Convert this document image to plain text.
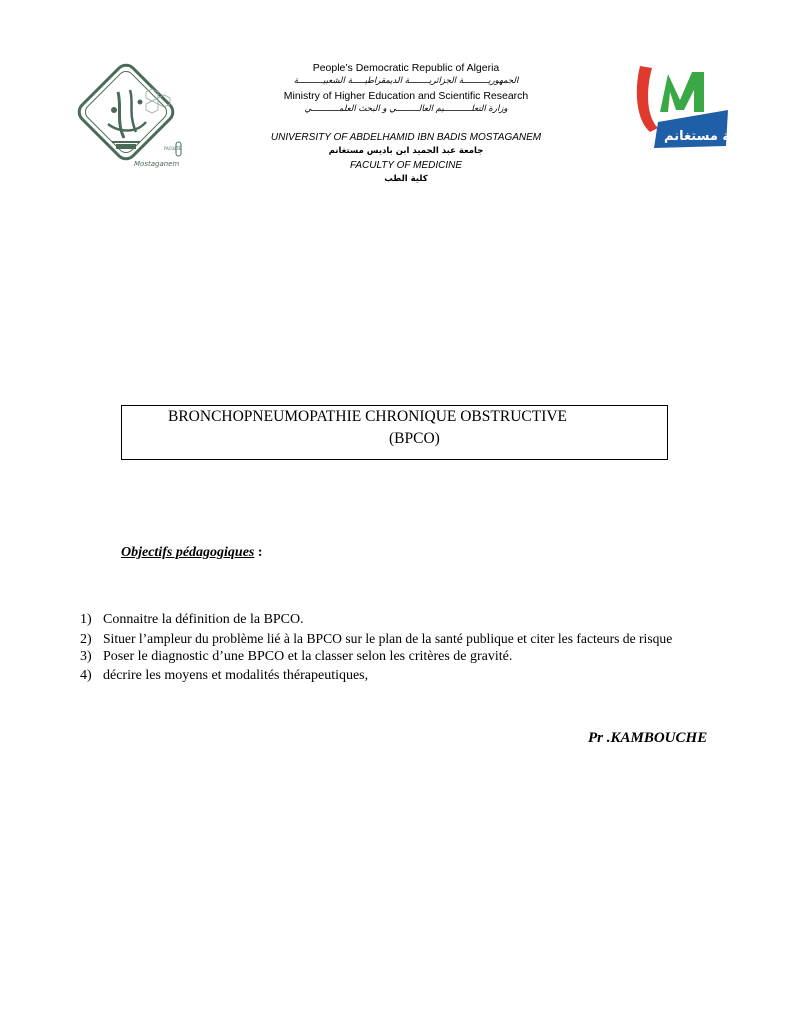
FACULTÉ
Mostaganem
جامعة مستغانم
People’s Democratic Republic of Algeria
الجمهوريــــــــــة الجزائريــــــــة الديمقراطيـــــة الشعبيــــــــــة
Ministry of Higher Education and Scientific Research
وزارة التعلـــــــــــيم العالـــــــــي و البحث العلمـــــــــــي
UNIVERSITY OF ABDELHAMID IBN BADIS MOSTAGANEM
جامعة عبد الحميد ابن باديس مستغانم
FACULTY OF MEDICINE
كلية الطب
BRONCHOPNEUMOPATHIE CHRONIQUE OBSTRUCTIVE
(BPCO)
Objectifs pédagogiques :
1) Connaitre la définition de la BPCO.
2) Situer l’ampleur du problème lié à la BPCO sur le plan de la santé publique et citer les facteurs de risque
3) Poser le diagnostic d’une BPCO et la classer selon les critères de gravité.
4) décrire les moyens et modalités thérapeutiques,
Pr .KAMBOUCHE
